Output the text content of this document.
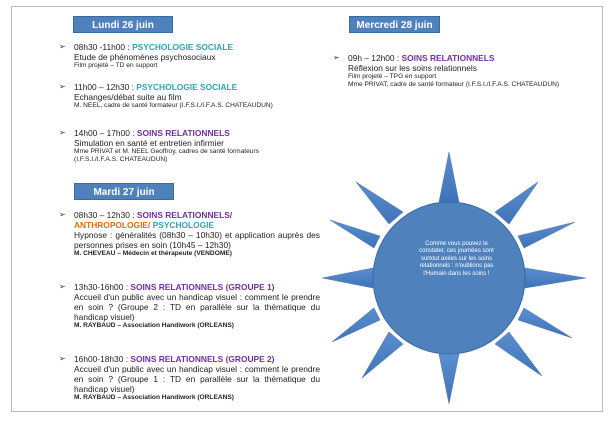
Lundi 26 juin
➢ 08h30 -11h00 : PSYCHOLOGIE SOCIALE
Etude de phénomènes psychosociaux
Film projeté – TD en support
➢ 11h00 – 12h30 : PSYCHOLOGIE SOCIALE
Echanges/débat suite au film
M. NEEL, cadre de santé formateur (I.F.S.I./I.F.A.S. CHATEAUDUN)
➢ 14h00 – 17h00 : SOINS RELATIONNELS
Simulation en santé et entretien infirmier
Mme PRIVAT et M. NEEL Geoffroy, cadres de santé formateurs (I.F.S.I./I.F.A.S. CHATEAUDUN)
Mardi 27 juin
➢ 08h30 – 12h30 : SOINS RELATIONNELS/
ANTHROPOLOGIE/ PSYCHOLOGIE
Hypnose : généralités (08h30 – 10h30) et application auprès des personnes prises en soin (10h45 – 12h30)
M. CHEVEAU – Médecin et thérapeute (VENDOME)
➢ 13h30-16h00 : SOINS RELATIONNELS (GROUPE 1)
Accueil d'un public avec un handicap visuel : comment le prendre en soin ? (Groupe 2 : TD en parallèle sur la thématique du handicap visuel)
M. RAYBAUD – Association Handiwork (ORLEANS)
➢ 16h00-18h30 : SOINS RELATIONNELS (GROUPE 2)
Accueil d'un public avec un handicap visuel : comment le prendre en soin ? (Groupe 1 : TD en parallèle sur la thématique du handicap visuel)
M. RAYBAUD – Association Handiwork (ORLEANS)
Mercredi 28 juin
➢ 09h – 12h00 : SOINS RELATIONNELS
Réflexion sur les soins relationnels
Film projeté – TPG en support
Mme PRIVAT, cadre de santé formateur (I.F.S.I./I.F.A.S. CHATEAUDUN)
Comme vous pouvez le constater, ces journées sont surtout axées sur les soins relationnels : n'oublions pas l'Humain dans les soins !
